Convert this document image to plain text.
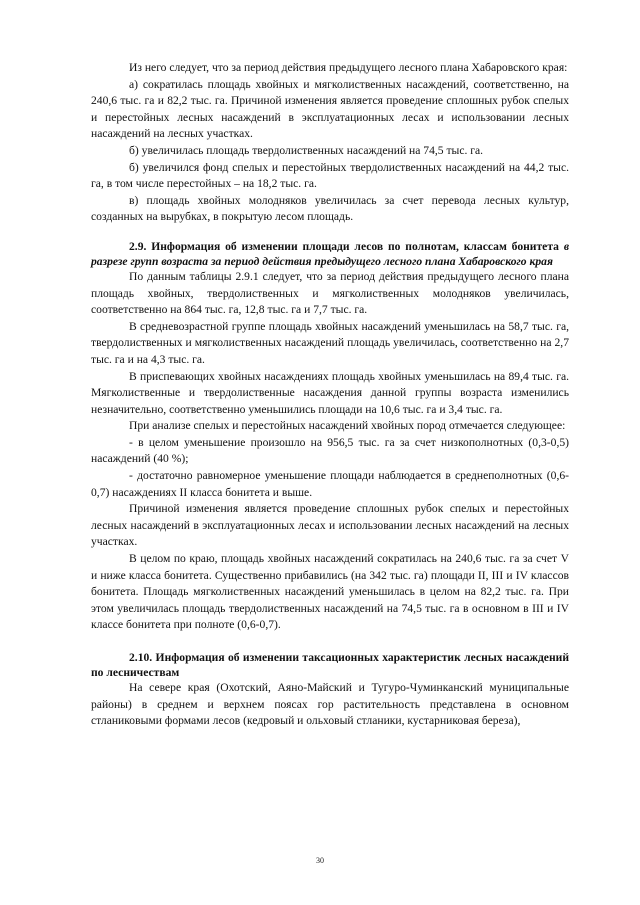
Из него следует, что за период действия предыдущего лесного плана Хабаровского края:

а) сократилась площадь хвойных и мягколиственных насаждений, соответственно, на 240,6 тыс. га и 82,2 тыс. га. Причиной изменения является проведение сплошных рубок спелых и перестойных лесных насаждений в эксплуатационных лесах и использовании лесных насаждений на лесных участках.

б) увеличилась площадь твердолиственных насаждений на 74,5 тыс. га.

б) увеличился фонд спелых и перестойных твердолиственных насаждений на 44,2 тыс. га, в том числе перестойных – на 18,2 тыс. га.

в) площадь хвойных молодняков увеличилась за счет перевода лесных культур, созданных на вырубках, в покрытую лесом площадь.

2.9. Информация об изменении площади лесов по полнотам, классам бонитета в разрезе групп возраста за период действия предыдущего лесного плана Хабаровского края

По данным таблицы 2.9.1 следует, что за период действия предыдущего лесного плана площадь хвойных, твердолиственных и мягколиственных молодняков увеличилась, соответственно на 864 тыс. га, 12,8 тыс. га и 7,7 тыс. га.

В средневозрастной группе площадь хвойных насаждений уменьшилась на 58,7 тыс. га, твердолиственных и мягколиственных насаждений площадь увеличилась, соответственно на 2,7 тыс. га и на 4,3 тыс. га.

В приспевающих хвойных насаждениях площадь хвойных уменьшилась на 89,4 тыс. га. Мягколиственные и твердолиственные насаждения данной группы возраста изменились незначительно, соответственно уменьшились площади на 10,6 тыс. га и 3,4 тыс. га.

При анализе спелых и перестойных насаждений хвойных пород отмечается следующее:

- в целом уменьшение произошло на 956,5 тыс. га за счет низкополнотных (0,3-0,5) насаждений (40 %);

- достаточно равномерное уменьшение площади наблюдается в среднеполнотных (0,6-0,7) насаждениях II класса бонитета и выше.

Причиной изменения является проведение сплошных рубок спелых и перестойных лесных насаждений в эксплуатационных лесах и использовании лесных насаждений на лесных участках.

В целом по краю, площадь хвойных насаждений сократилась на 240,6 тыс. га за счет V и ниже класса бонитета. Существенно прибавились (на 342 тыс. га) площади II, III и IV классов бонитета. Площадь мягколиственных насаждений уменьшилась в целом на 82,2 тыс. га. При этом увеличилась площадь твердолиственных насаждений на 74,5 тыс. га в основном в III и IV классе бонитета при полноте (0,6-0,7).

2.10. Информация об изменении таксационных характеристик лесных насаждений по лесничествам

На севере края (Охотский, Аяно-Майский и Тугуро-Чуминканский муниципальные районы) в среднем и верхнем поясах гор растительность представлена в основном стланиковыми формами лесов (кедровый и ольховый стланики, кустарниковая береза),

30
